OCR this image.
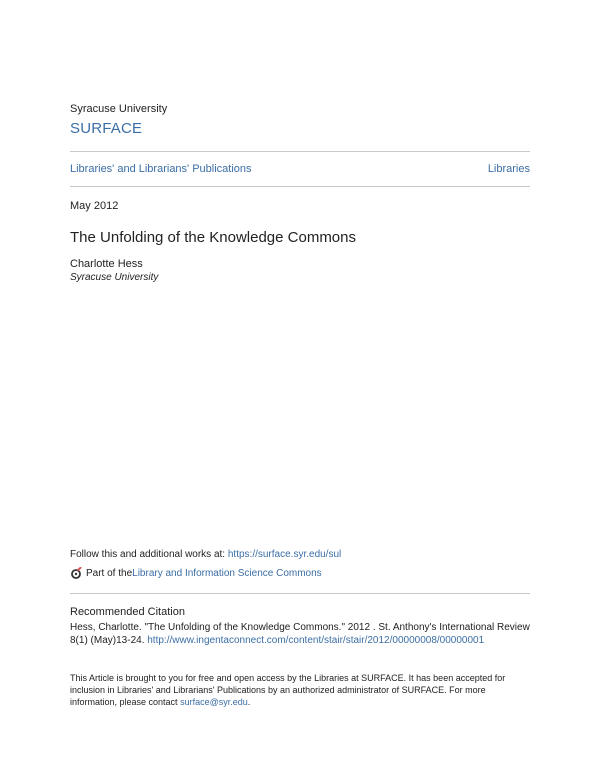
Syracuse University
SURFACE
Libraries' and Librarians' Publications	Libraries
May 2012
The Unfolding of the Knowledge Commons
Charlotte Hess
Syracuse University
Follow this and additional works at: https://surface.syr.edu/sul
Part of the Library and Information Science Commons
Recommended Citation
Hess, Charlotte. "The Unfolding of the Knowledge Commons." 2012 . St. Anthony's International Review 8(1) (May)13-24. http://www.ingentaconnect.com/content/stair/stair/2012/00000008/00000001
This Article is brought to you for free and open access by the Libraries at SURFACE. It has been accepted for inclusion in Libraries' and Librarians' Publications by an authorized administrator of SURFACE. For more information, please contact surface@syr.edu.
